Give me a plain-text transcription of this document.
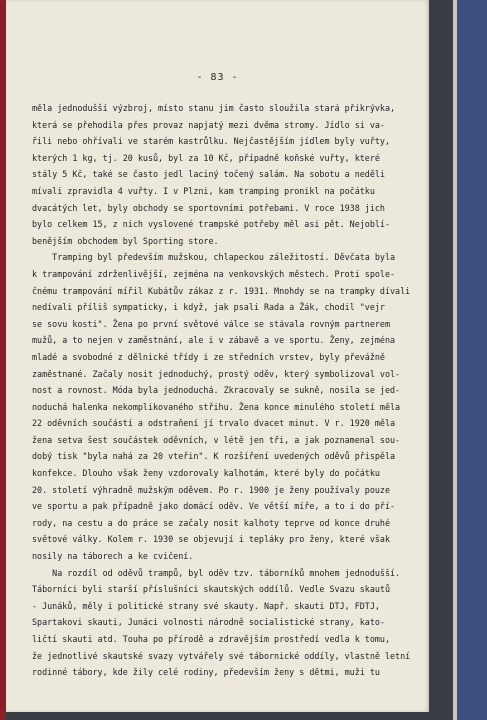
- 83 -
měla jednodušší výzbroj, místo stanu jim často sloužila stará přikrývka,
která se přehodila přes provaz napjatý mezi dvěma stromy. Jídlo si va-
řili nebo ohřívali ve starém kastrůlku. Nejčastějším jídlem byly vuřty,
kterých 1 kg, tj. 20 kusů, byl za 10 Kč, případně koňské vuřty, které
stály 5 Kč, také se často jedl laciný točený salám. Na sobotu a neděli
mívali zpravidla 4 vuřty. I v Plzni, kam tramping pronikl na počátku
dvacátých let, byly obchody se sportovními potřebami. V roce 1938 jich
bylo celkem 15, z nich vyslovené trampské potřeby měl asi pět. Nejoblí-
benějším obchodem byl Sporting store.
Tramping byl především mužskou, chlapeckou záležitostí. Děvčata byla
k trampování zdrženlivější, zejména na venkovských městech. Proti spole-
čnému trampování mířil Kubátův zákaz z r. 1931. Mnohdy se na trampky dívali
nedívali příliš sympaticky, i když, jak psali Rada a Žák, chodil "vejr
se sovu kosti". Žena po první světové válce se stávala rovným partnerem
mužů, a to nejen v zaměstnání, ale i v zábavě a ve sportu. Ženy, zejména
mladé a svobodné z dělnické třídy i ze středních vrstev, byly převážně
zaměstnané. Začaly nosit jednoduchý, prostý oděv, který symbolizoval vol-
nost a rovnost. Móda byla jednoduchá. Zkracovaly se sukně, nosila se jed-
noduchá halenka nekomplikovaného střihu. Žena konce minulého století měla
22 oděvních součástí a odstraňení jí trvalo dvacet minut. V r. 1920 měla
žena setva šest součástek oděvních, v létě jen tři, a jak poznamenal sou-
dobý tisk "byla nahá za 20 vteřin". K rozšíření uvedených oděvů přispěla
konfekce. Dlouho však ženy vzdorovaly kalhotám, které byly do počátku
20. století výhradně mužským oděvem. Po r. 1900 je ženy používaly pouze
ve sportu a pak případně jako domácí oděv. Ve větší míře, a to i do pří-
rody, na cestu a do práce se začaly nosit kalhoty teprve od konce druhé
světové války. Kolem r. 1930 se objevují i tepláky pro ženy, které však
nosily na táborech a ke cvičení.
Na rozdíl od oděvů trampů, byl oděv tzv. táborníků mnohem jednodušší.
Táborníci byli starší příslušníci skautských oddílů. Vedle Svazu skautů
- Junáků, měly i politické strany své skauty. Např. skauti DTJ, FDTJ,
Spartakovi skauti, Junáci volnosti národně socialistické strany, kato-
ličtí skauti atd. Touha po přírodě a zdravějším prostředí vedla k tomu,
že jednotlivé skautské svazy vytvářely své tábornické oddíly, vlastně letní
rodinné tábory, kde žily celé rodiny, především ženy s dětmi, muži tu
